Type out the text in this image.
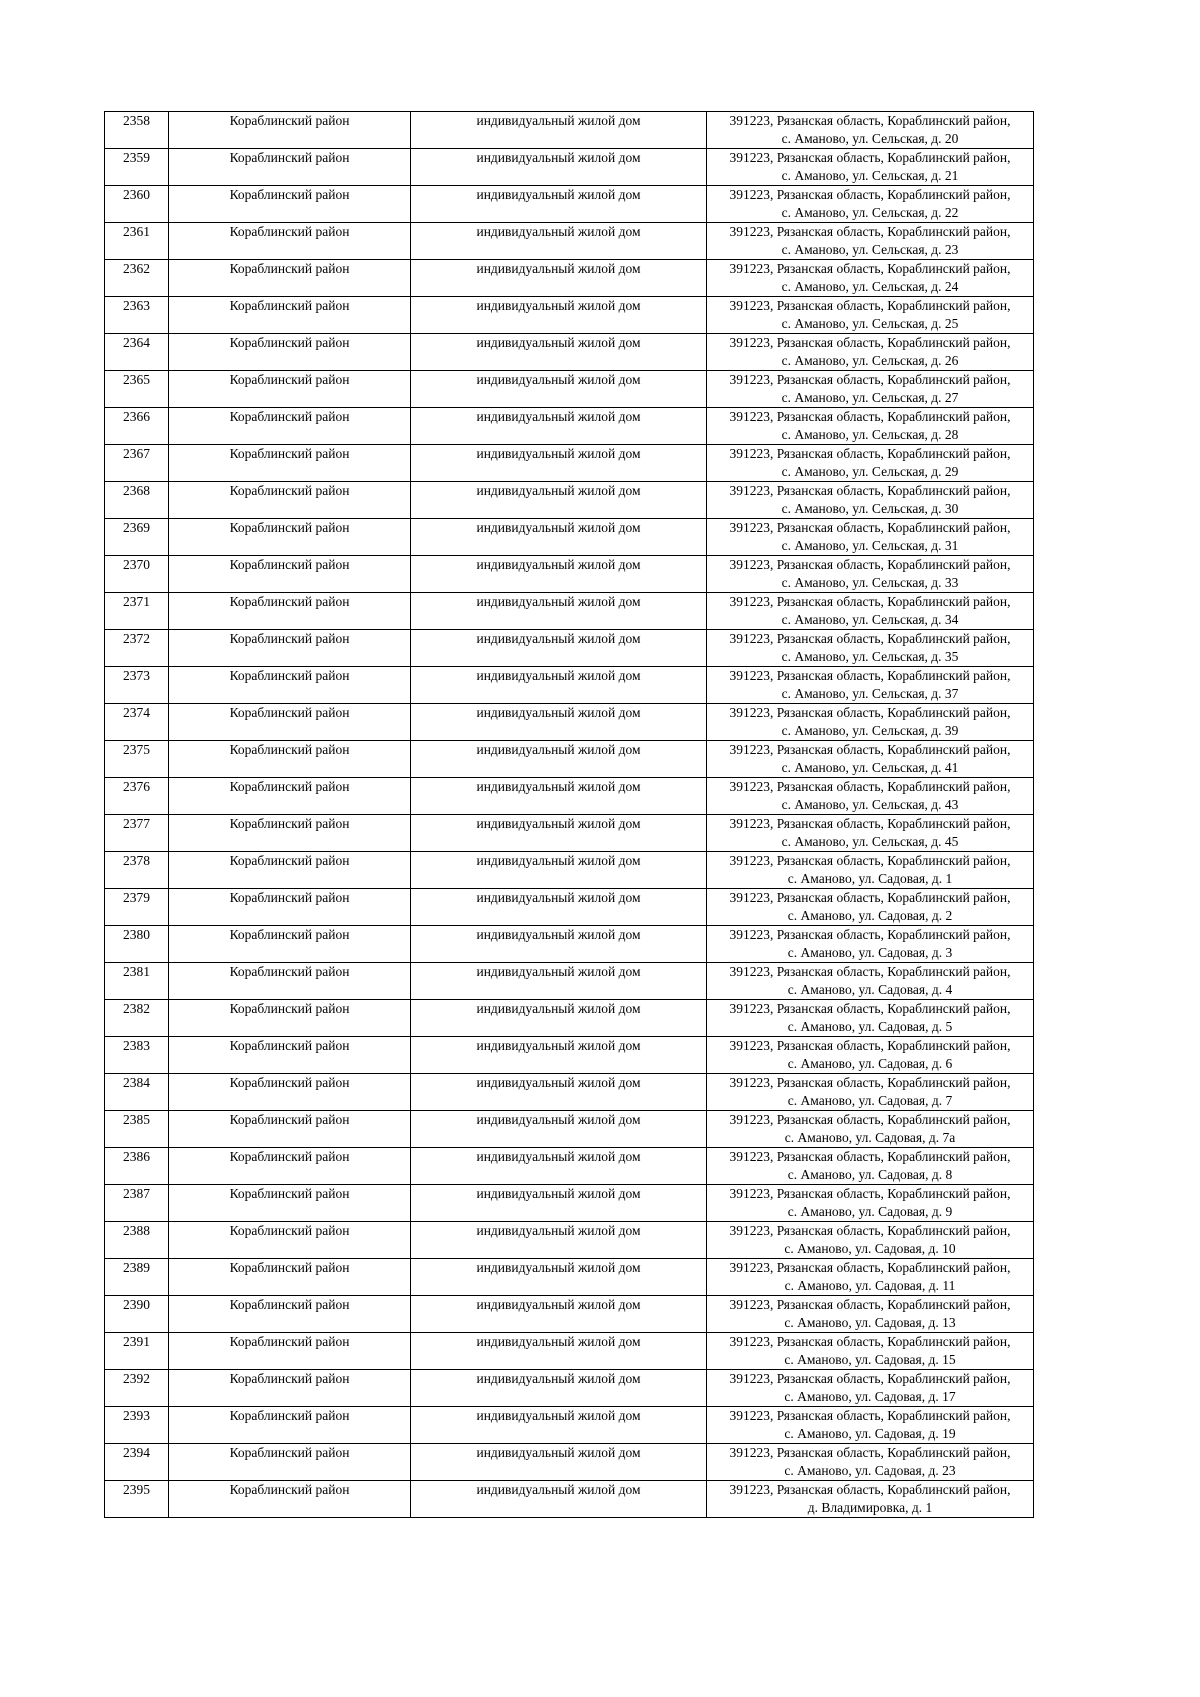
2358	Кораблинский район	индивидуальный жилой дом	391223, Рязанская область, Кораблинский район,
с. Аманово, ул. Сельская, д. 20

2359	Кораблинский район	индивидуальный жилой дом	391223, Рязанская область, Кораблинский район,
с. Аманово, ул. Сельская, д. 21

2360	Кораблинский район	индивидуальный жилой дом	391223, Рязанская область, Кораблинский район,
с. Аманово, ул. Сельская, д. 22

2361	Кораблинский район	индивидуальный жилой дом	391223, Рязанская область, Кораблинский район,
с. Аманово, ул. Сельская, д. 23

2362	Кораблинский район	индивидуальный жилой дом	391223, Рязанская область, Кораблинский район,
с. Аманово, ул. Сельская, д. 24

2363	Кораблинский район	индивидуальный жилой дом	391223, Рязанская область, Кораблинский район,
с. Аманово, ул. Сельская, д. 25

2364	Кораблинский район	индивидуальный жилой дом	391223, Рязанская область, Кораблинский район,
с. Аманово, ул. Сельская, д. 26

2365	Кораблинский район	индивидуальный жилой дом	391223, Рязанская область, Кораблинский район,
с. Аманово, ул. Сельская, д. 27

2366	Кораблинский район	индивидуальный жилой дом	391223, Рязанская область, Кораблинский район,
с. Аманово, ул. Сельская, д. 28

2367	Кораблинский район	индивидуальный жилой дом	391223, Рязанская область, Кораблинский район,
с. Аманово, ул. Сельская, д. 29

2368	Кораблинский район	индивидуальный жилой дом	391223, Рязанская область, Кораблинский район,
с. Аманово, ул. Сельская, д. 30

2369	Кораблинский район	индивидуальный жилой дом	391223, Рязанская область, Кораблинский район,
с. Аманово, ул. Сельская, д. 31

2370	Кораблинский район	индивидуальный жилой дом	391223, Рязанская область, Кораблинский район,
с. Аманово, ул. Сельская, д. 33

2371	Кораблинский район	индивидуальный жилой дом	391223, Рязанская область, Кораблинский район,
с. Аманово, ул. Сельская, д. 34

2372	Кораблинский район	индивидуальный жилой дом	391223, Рязанская область, Кораблинский район,
с. Аманово, ул. Сельская, д. 35

2373	Кораблинский район	индивидуальный жилой дом	391223, Рязанская область, Кораблинский район,
с. Аманово, ул. Сельская, д. 37

2374	Кораблинский район	индивидуальный жилой дом	391223, Рязанская область, Кораблинский район,
с. Аманово, ул. Сельская, д. 39

2375	Кораблинский район	индивидуальный жилой дом	391223, Рязанская область, Кораблинский район,
с. Аманово, ул. Сельская, д. 41

2376	Кораблинский район	индивидуальный жилой дом	391223, Рязанская область, Кораблинский район,
с. Аманово, ул. Сельская, д. 43

2377	Кораблинский район	индивидуальный жилой дом	391223, Рязанская область, Кораблинский район,
с. Аманово, ул. Сельская, д. 45

2378	Кораблинский район	индивидуальный жилой дом	391223, Рязанская область, Кораблинский район,
с. Аманово, ул. Садовая, д. 1

2379	Кораблинский район	индивидуальный жилой дом	391223, Рязанская область, Кораблинский район,
с. Аманово, ул. Садовая, д. 2

2380	Кораблинский район	индивидуальный жилой дом	391223, Рязанская область, Кораблинский район,
с. Аманово, ул. Садовая, д. 3

2381	Кораблинский район	индивидуальный жилой дом	391223, Рязанская область, Кораблинский район,
с. Аманово, ул. Садовая, д. 4

2382	Кораблинский район	индивидуальный жилой дом	391223, Рязанская область, Кораблинский район,
с. Аманово, ул. Садовая, д. 5

2383	Кораблинский район	индивидуальный жилой дом	391223, Рязанская область, Кораблинский район,
с. Аманово, ул. Садовая, д. 6

2384	Кораблинский район	индивидуальный жилой дом	391223, Рязанская область, Кораблинский район,
с. Аманово, ул. Садовая, д. 7

2385	Кораблинский район	индивидуальный жилой дом	391223, Рязанская область, Кораблинский район,
с. Аманово, ул. Садовая, д. 7а

2386	Кораблинский район	индивидуальный жилой дом	391223, Рязанская область, Кораблинский район,
с. Аманово, ул. Садовая, д. 8

2387	Кораблинский район	индивидуальный жилой дом	391223, Рязанская область, Кораблинский район,
с. Аманово, ул. Садовая, д. 9

2388	Кораблинский район	индивидуальный жилой дом	391223, Рязанская область, Кораблинский район,
с. Аманово, ул. Садовая, д. 10

2389	Кораблинский район	индивидуальный жилой дом	391223, Рязанская область, Кораблинский район,
с. Аманово, ул. Садовая, д. 11

2390	Кораблинский район	индивидуальный жилой дом	391223, Рязанская область, Кораблинский район,
с. Аманово, ул. Садовая, д. 13

2391	Кораблинский район	индивидуальный жилой дом	391223, Рязанская область, Кораблинский район,
с. Аманово, ул. Садовая, д. 15

2392	Кораблинский район	индивидуальный жилой дом	391223, Рязанская область, Кораблинский район,
с. Аманово, ул. Садовая, д. 17

2393	Кораблинский район	индивидуальный жилой дом	391223, Рязанская область, Кораблинский район,
с. Аманово, ул. Садовая, д. 19

2394	Кораблинский район	индивидуальный жилой дом	391223, Рязанская область, Кораблинский район,
с. Аманово, ул. Садовая, д. 23

2395	Кораблинский район	индивидуальный жилой дом	391223, Рязанская область, Кораблинский район,
д. Владимировка, д. 1
